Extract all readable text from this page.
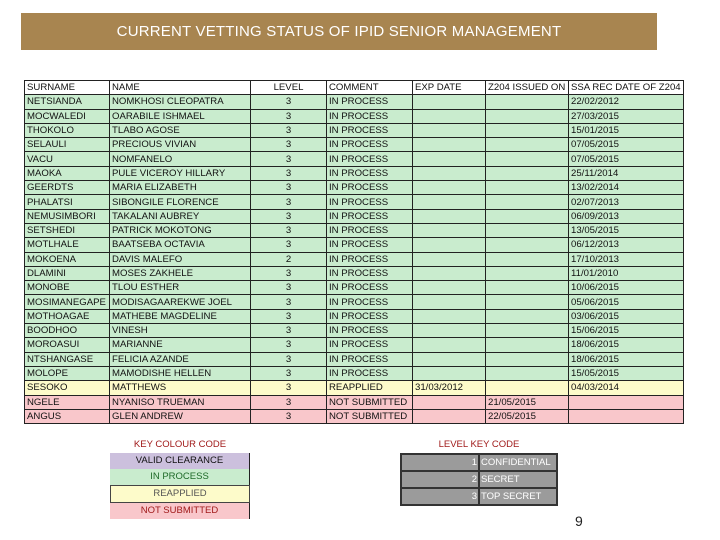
CURRENT VETTING STATUS OF IPID SENIOR MANAGEMENT
SURNAME	NAME	LEVEL	COMMENT	EXP DATE	Z204 ISSUED ON	SSA REC DATE OF Z204
NETSIANDA	NOMKHOSI CLEOPATRA	3	IN PROCESS			22/02/2012
MOCWALEDI	OARABILE ISHMAEL	3	IN PROCESS			27/03/2015
THOKOLO	TLABO AGOSE	3	IN PROCESS			15/01/2015
SELAULI	PRECIOUS VIVIAN	3	IN PROCESS			07/05/2015
VACU	NOMFANELO	3	IN PROCESS			07/05/2015
MAOKA	PULE VICEROY HILLARY	3	IN PROCESS			25/11/2014
GEERDTS	MARIA ELIZABETH	3	IN PROCESS			13/02/2014
PHALATSI	SIBONGILE FLORENCE	3	IN PROCESS			02/07/2013
NEMUSIMBORI	TAKALANI AUBREY	3	IN PROCESS			06/09/2013
SETSHEDI	PATRICK MOKOTONG	3	IN PROCESS			13/05/2015
MOTLHALE	BAATSEBA OCTAVIA	3	IN PROCESS			06/12/2013
MOKOENA	DAVIS MALEFO	2	IN PROCESS			17/10/2013
DLAMINI	MOSES ZAKHELE	3	IN PROCESS			11/01/2010
MONOBE	TLOU ESTHER	3	IN PROCESS			10/06/2015
MOSIMANEGAPE	MODISAGAAREKWE JOEL	3	IN PROCESS			05/06/2015
MOTHOAGAE	MATHEBE MAGDELINE	3	IN PROCESS			03/06/2015
BOODHOO	VINESH	3	IN PROCESS			15/06/2015
MOROASUI	MARIANNE	3	IN PROCESS			18/06/2015
NTSHANGASE	FELICIA AZANDE	3	IN PROCESS			18/06/2015
MOLOPE	MAMODISHE HELLEN	3	IN PROCESS			15/05/2015
SESOKO	MATTHEWS	3	REAPPLIED	31/03/2012		04/03/2014
NGELE	NYANISO TRUEMAN	3	NOT SUBMITTED		21/05/2015	
ANGUS	GLEN ANDREW	3	NOT SUBMITTED		22/05/2015	
KEY COLOUR CODE
VALID CLEARANCE
IN PROCESS
REAPPLIED
NOT SUBMITTED
LEVEL KEY CODE
1 CONFIDENTIAL
2 SECRET
3 TOP SECRET
9
